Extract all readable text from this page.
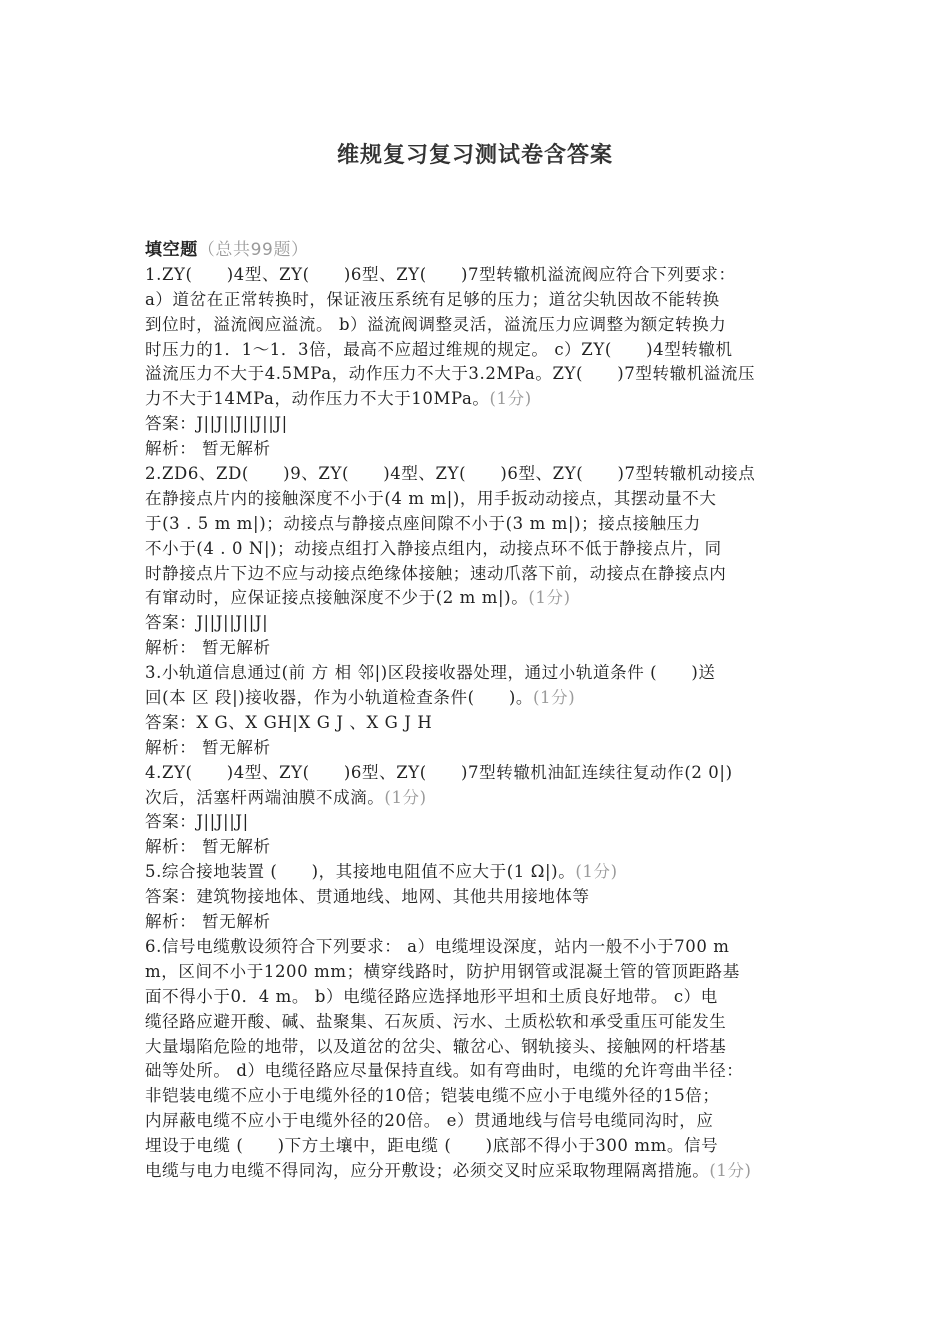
维规复习复习测试卷含答案
填空题（总共99题）
1.ZY(　　)4型、ZY(　　)6型、ZY(　　)7型转辙机溢流阀应符合下列要求：
a）道岔在正常转换时，保证液压系统有足够的压力；道岔尖轨因故不能转换
到位时，溢流阀应溢流。 b）溢流阀调整灵活，溢流压力应调整为额定转换力
时压力的1．1～1．3倍，最高不应超过维规的规定。 c）ZY(　　)4型转辙机
溢流压力不大于4.5MPa，动作压力不大于3.2MPa。ZY(　　)7型转辙机溢流压
力不大于14MPa，动作压力不大于10MPa。(1分)
答案：J||J||J||J||J|
解析： 暂无解析
2.ZD6、ZD(　　)9、ZY(　　)4型、ZY(　　)6型、ZY(　　)7型转辙机动接点
在静接点片内的接触深度不小于(4 m m|)，用手扳动动接点，其摆动量不大
于(3 . 5 m m|)；动接点与静接点座间隙不小于(3 m m|)；接点接触压力
不小于(4 . 0 N|)；动接点组打入静接点组内，动接点环不低于静接点片，同
时静接点片下边不应与动接点绝缘体接触；速动爪落下前，动接点在静接点内
有窜动时，应保证接点接触深度不少于(2 m m|)。(1分)
答案：J||J||J||J|
解析： 暂无解析
3.小轨道信息通过(前 方 相 邻|)区段接收器处理，通过小轨道条件 (　　)送
回(本 区 段|)接收器，作为小轨道检查条件(　　)。(1分)
答案：X G、X GH|X G J 、X G J H
解析： 暂无解析
4.ZY(　　)4型、ZY(　　)6型、ZY(　　)7型转辙机油缸连续往复动作(2 0|)
次后，活塞杆两端油膜不成滴。(1分)
答案：J||J||J|
解析： 暂无解析
5.综合接地装置 (　　)，其接地电阻值不应大于(1 Ω|)。(1分)
答案：建筑物接地体、贯通地线、地网、其他共用接地体等
解析： 暂无解析
6.信号电缆敷设须符合下列要求： a）电缆埋设深度，站内一般不小于700 m
m，区间不小于1200 mm；横穿线路时，防护用钢管或混凝土管的管顶距路基
面不得小于0．4 m。 b）电缆径路应选择地形平坦和土质良好地带。 c）电
缆径路应避开酸、碱、盐聚集、石灰质、污水、土质松软和承受重压可能发生
大量塌陷危险的地带，以及道岔的岔尖、辙岔心、钢轨接头、接触网的杆塔基
础等处所。 d）电缆径路应尽量保持直线。如有弯曲时，电缆的允许弯曲半径：
非铠装电缆不应小于电缆外径的10倍；铠装电缆不应小于电缆外径的15倍；
内屏蔽电缆不应小于电缆外径的20倍。 e）贯通地线与信号电缆同沟时，应
埋设于电缆 (　　)下方土壤中，距电缆 (　　)底部不得小于300 mm。信号
电缆与电力电缆不得同沟，应分开敷设；必须交叉时应采取物理隔离措施。(1分)
